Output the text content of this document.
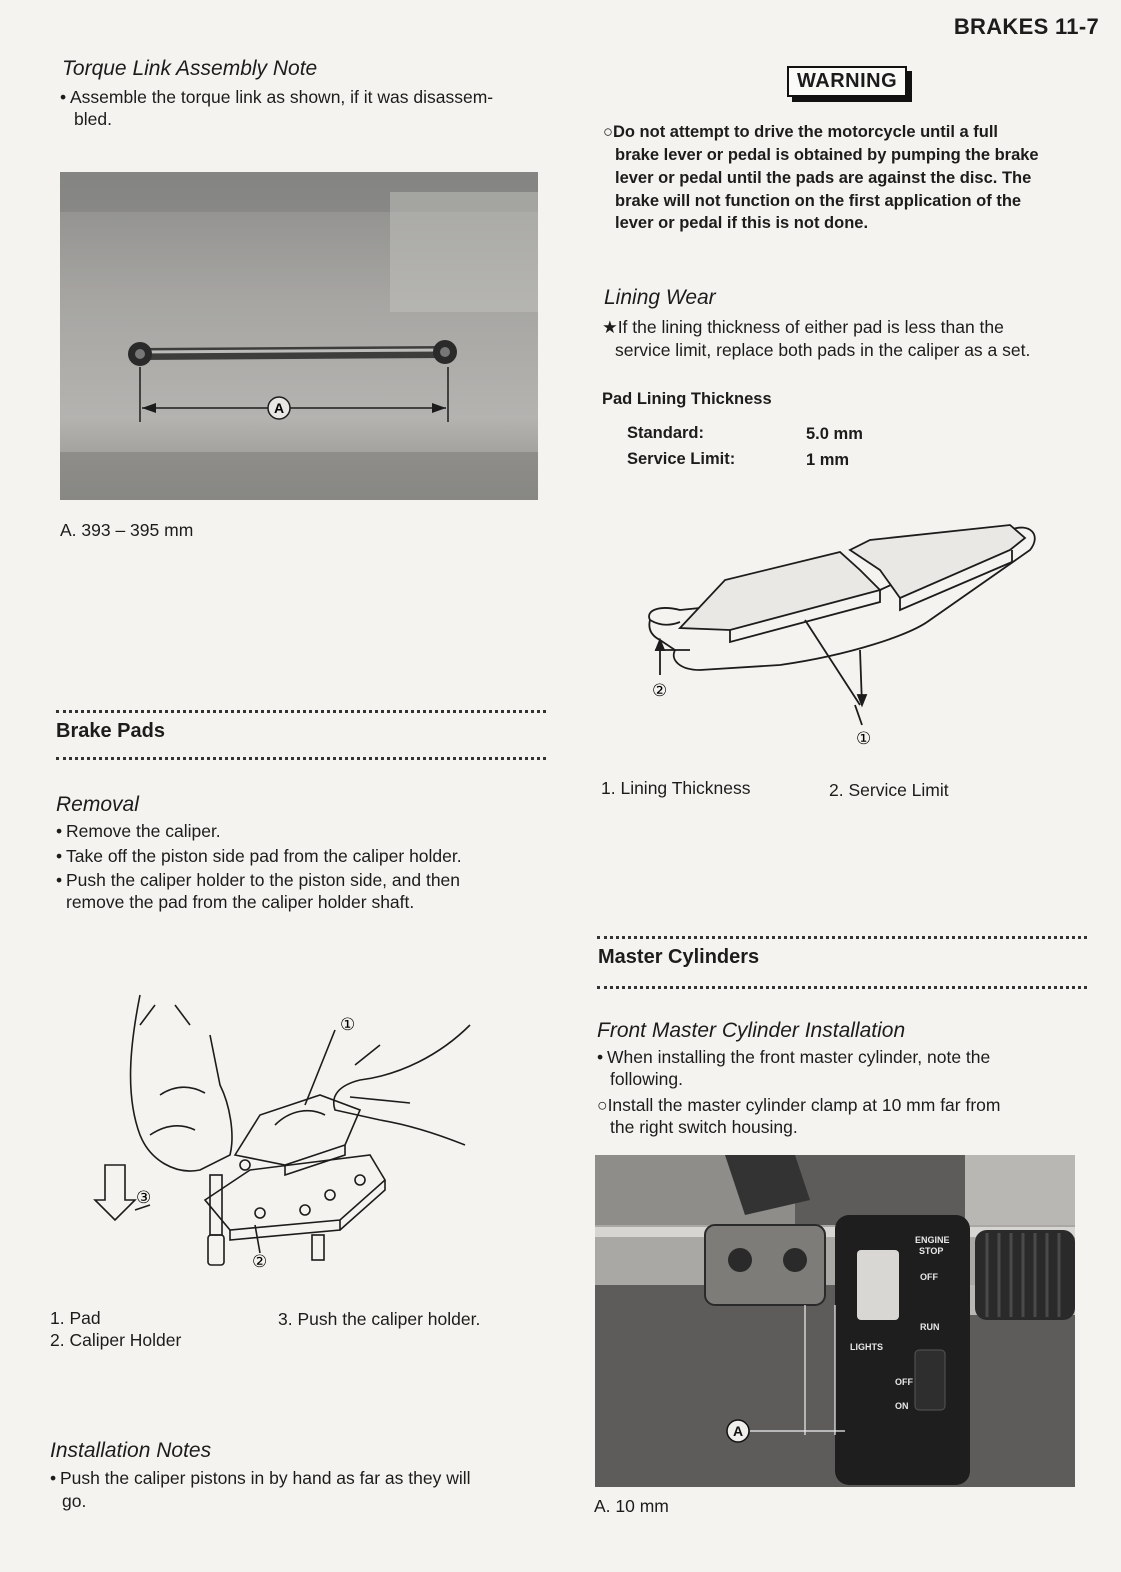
BRAKES 11-7
Torque Link Assembly Note
• Assemble the torque link as shown, if it was disassem-
bled.
A
A. 393 – 395 mm
Brake Pads
Removal
• Remove the caliper.
• Take off the piston side pad from the caliper holder.
• Push the caliper holder to the piston side, and then
remove the pad from the caliper holder shaft.
①
②
③
1. Pad
2. Caliper Holder
3. Push the caliper holder.
Installation Notes
• Push the caliper pistons in by hand as far as they will
go.
WARNING
○Do not attempt to drive the motorcycle until a full
brake lever or pedal is obtained by pumping the brake
lever or pedal until the pads are against the disc. The
brake will not function on the first application of the
lever or pedal if this is not done.
Lining Wear
★If the lining thickness of either pad is less than the
service limit, replace both pads in the caliper as a set.
Pad Lining Thickness
Standard:	5.0 mm
Service Limit:	1 mm
②
①
1. Lining Thickness	2. Service Limit
Master Cylinders
Front Master Cylinder Installation
• When installing the front master cylinder, note the
following.
○Install the master cylinder clamp at 10 mm far from
the right switch housing.
ENGINE
STOP
OFF
RUN
LIGHTS
OFF
ON
A
A. 10 mm
